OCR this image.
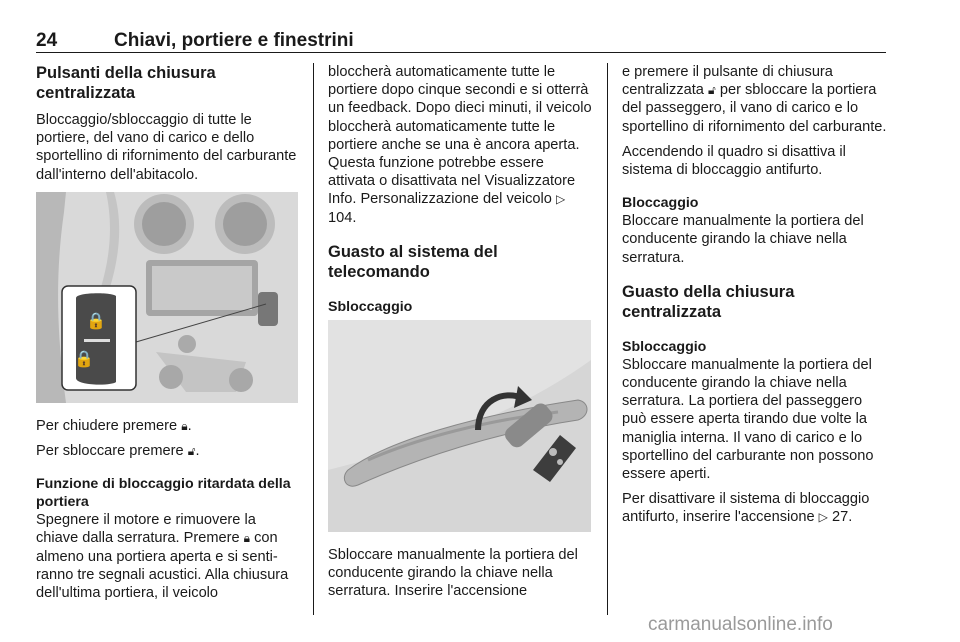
24	Chiavi, portiere e finestrini
Pulsanti della chiusura centralizzata

Bloccaggio/sbloccaggio di tutte le portiere, del vano di carico e dello sportellino di rifornimento del carburante dall'interno dell'abitacolo.

🔒
🔒

Per chiudere premere 🔒︎.

Per sbloccare premere 🔓︎.

Funzione di bloccaggio ritardata della portiera

Spegnere il motore e rimuovere la chiave dalla serratura. Premere 🔒︎ con almeno una portiera aperta e si sentiranno tre segnali acustici. Alla chiusura dell'ultima portiera, il veicolo

bloccherà automaticamente tutte le portiere dopo cinque secondi e si otterrà un feedback. Dopo dieci minuti, il veicolo bloccherà automaticamente tutte le portiere anche se una è ancora aperta. Questa funzione potrebbe essere attivata o disattivata nel Visualizzatore Info. Personalizzazione del veicolo ▷ 104.

Guasto al sistema del telecomando
Sbloccaggio

Sbloccare manualmente la portiera del conducente girando la chiave nella serratura. Inserire l'accensione

e premere il pulsante di chiusura centralizzata 🔓︎ per sbloccare la portiera del passeggero, il vano di carico e lo sportellino di rifornimento del carburante.

Accendendo il quadro si disattiva il sistema di bloccaggio antifurto.

Bloccaggio

Bloccare manualmente la portiera del conducente girando la chiave nella serratura.

Guasto della chiusura centralizzata
Sbloccaggio

Sbloccare manualmente la portiera del conducente girando la chiave nella serratura. La portiera del passeggero può essere aperta tirando due volte la maniglia interna. Il vano di carico e lo sportellino del carburante non possono essere aperti.

Per disattivare il sistema di bloccaggio antifurto, inserire l'accensione ▷ 27.

carmanualsonline.info
